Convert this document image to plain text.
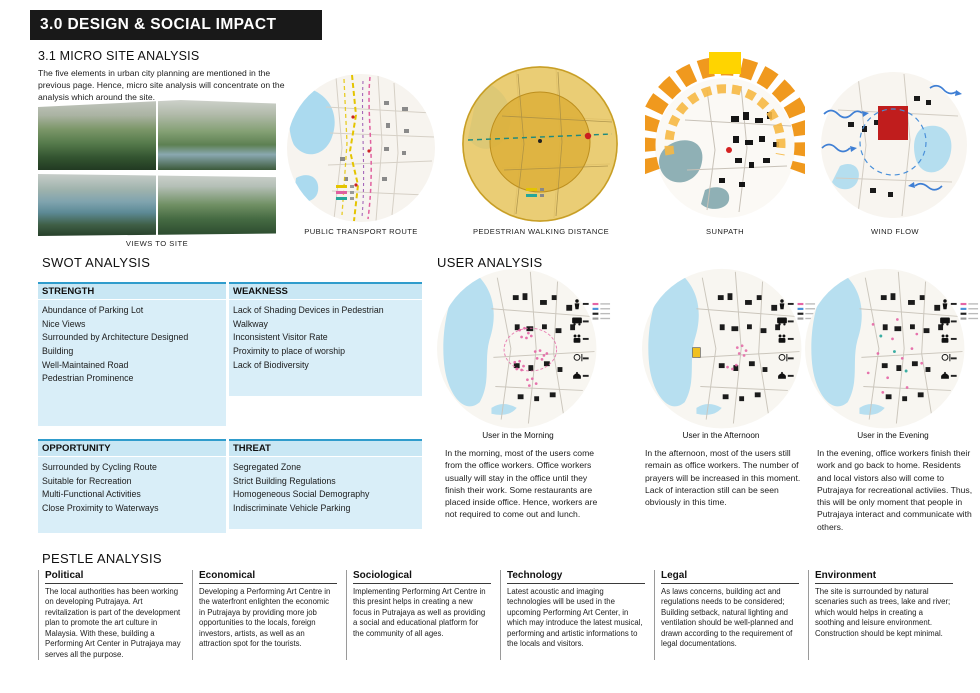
3.0 DESIGN & SOCIAL IMPACT
3.1 MICRO SITE ANALYSIS
The five elements in urban city planning are mentioned in the previous page. Hence, micro site analysis will concentrate on the analysis which around the site.
VIEWS TO SITE
PUBLIC TRANSPORT ROUTE	PEDESTRIAN WALKING DISTANCE	SUNPATH	WIND FLOW
SWOT ANALYSIS
STRENGTH
Abundance of Parking Lot
Nice Views
Surrounded by Architecture Designed Building
Well-Maintained Road
Pedestrian Prominence
WEAKNESS
Lack of Shading Devices in Pedestrian Walkway
Inconsistent Visitor Rate
Proximity to place of worship
Lack of Biodiversity
OPPORTUNITY
Surrounded by Cycling Route
Suitable for Recreation
Multi-Functional Activities
Close Proximity to Waterways
THREAT
Segregated Zone
Strict Building Regulations
Homogeneous Social Demography
Indiscriminate Vehicle Parking
USER ANALYSIS
User in the Morning	User in the Afternoon	User in the Evening
In the morning, most of the users come from the office workers. Office workers usually will stay in the office until they finish their work. Some restaurants are placed inside office. Hence, workers are not required to come out and lunch.
In the afternoon, most of the users still remain as office workers. The number of prayers will be increased in this moment. Lack of interaction still can be seen obviously in this time.
In the evening, office workers finish their work and go back to home. Residents and local vistors also will come to Putrajaya for recreational activiies. Thus, this will be only moment that people in Putrajaya interact and communicate with others.
PESTLE ANALYSIS
Political
The local authorities has been working on developing Putrajaya. Art revitalization is part of the development plan to promote the art culture in Malaysia. With these, building a Performing Art Center in Putrajaya may serves all the purpose.
Economical
Developing a Performing Art Centre in the waterfront enlighten the economic in Putrajaya by providing more job opportunities to the locals, foreign investors, artists, as well as an attraction spot for the tourists.
Sociological
Implementing Performing Art Centre in this presint helps in creating a new focus in Putrajaya as well as providing a social and educational platform for the community of all ages.
Technology
Latest acoustic and imaging technologies will be used in the upcoming Performing Art Center, in which may introduce the latest musical, performing and artistic informations to the locals and visitors.
Legal
As laws concerns, building act and regulations needs to be considered; Building setback, natural lighting and ventilation should be well-planned and drawn according to the requirement of legal documentations.
Environment
The site is surrounded by natural scenaries such as trees, lake and river; which would helps in creating a soothing and leisure environment. Construction should be kept minimal.
